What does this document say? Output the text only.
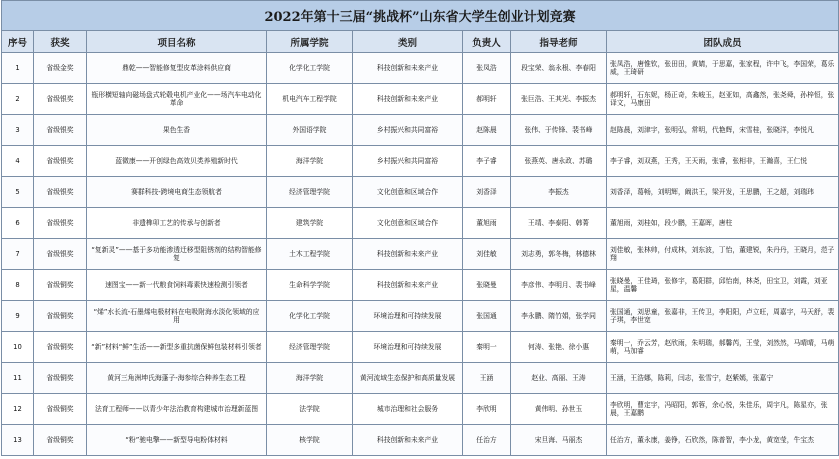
2022年第十三届“挑战杯”山东省大学生创业计划竞赛							
序号	获奖	项目名称	所属学院	类别	负责人	指导老师	团队成员
1	省级金奖	鼎乾——智能修复型皮革涂料供应商	化学化工学院	科技创新和未来产业	张凤浩	段宝荣、翁永根、李春阳	张凤浩，唐惟钦，张田田，黄婧，于思嘉，张家程，许中飞，李国荣，葛乐威，王琦研
2	省级银奖	瓶形横短轴向磁场盘式轮毂电机产业化——场汽车电动化革命	机电汽车工程学院	科技创新和未来产业	郝明轩	张巨浩、王其光、李振杰	郝明轩，石东妮，杨正奇，朱峻玉，赵亚如，高鑫然，张尧舜，孙梓恒，张译文，马康田
3	省级银奖	果色生香	外国语学院	乡村振兴和共同富裕	赵陈晨	张伟、于传锋、裴书峰	赵陈晨，刘津宇，张明弘，常明，代艳辉，宋雪桂，张晓洋，李悦凡
4	省级银奖	蓝微康——开创绿色高效贝类养殖新时代	海洋学院	乡村振兴和共同富裕	李子睿	张燕英、唐永政、苏璐	李子睿，刘双燕，王秀，王天雨，张睿，张相非，王瀚喜，王仁悦
5	省级银奖	赛群科技-跨境电商生态领航者	经济管理学院	文化创意和区域合作	刘香泽	李振杰	刘香泽，葛畅，刘明辉，阚洪王，梁开发，王思鹏，王之超，刘瑞玮
6	省级银奖	非遗榫卯工艺的传承与创新者	建筑学院	文化创意和区域合作	董旭雨	王靖、李泰阳、韩菁	董旭雨，刘桂如，段少鹏，王嘉晖，唐柱
7	省级银奖	“复新灵”——基于多功能渗透迁移型阻锈剂的结构智能修复	土木工程学院	科技创新和未来产业	刘佳敏	刘志勇，郭冬梅，林德林	刘佳敏，张林帅，付成林，刘东波，丁怡，董建锐，朱丹丹，王晓月，范子翔
8	省级铜奖	速图宝——新一代粮食饲料毒素快速检测引领者	生命科学学院	科技创新和未来产业	张晓曼	李彦伟、李明月、裴书峰	张晓曼，王佳琦，张修宇，葛阳群，邱怡南，林尧，田宝卫，刘霞，刘亚星，温馨
9	省级铜奖	“烯”水长流-石墨烯电极材料在电吸附海水淡化领域的应用	化学化工学院	环境治理和可持续发展	张国通	李永鹏、隋竹娟，张学同	张国通，刘思童，张嘉非，王传卫，李阳阳，卢立旺，周嘉宇，马天舒，裴子琪，李世宽
10	省级铜奖	“新”材料“鲜”生活——新型多重抗菌保鲜包装材料引领者	经济管理学院	环境治理和可持续发展	秦明一	何涛、张艳、徐小惠	秦明一，乔云芳，赵欣雨，朱明瑞，郝馨芮，王莹，刘然然，马晴晴，马萌萌，马加睿
11	省级铜奖	黄河三角洲坤氏海蓬子-海参综合种养生态工程	海洋学院	黄河流域生态保护和高质量发展	王涵	赵业、高丽、王涛	王涵，王浩娜，陈莉，闫志，张雪宁，赵紫嫣，张嘉宁
12	省级铜奖	法育工程师——以青少年法治教育构建城市治理新蓝图	法学院	城市治理和社会服务	李欣明	黄伟明、孙世玉	李欣明，曹定宇，冯昭阳，郭蓉，余心悦，朱佳乐，周宇凡，陈星亦，张晨，王嘉鹏
13	省级铜奖	“粉”驰电擎——新型导电粉体材料	核学院	科技创新和未来产业	任治方	宋旦海、马丽杰	任治方，董永康，姜铮，石欣然，陈普智，李小龙，黄宽莹，牛宝杰
